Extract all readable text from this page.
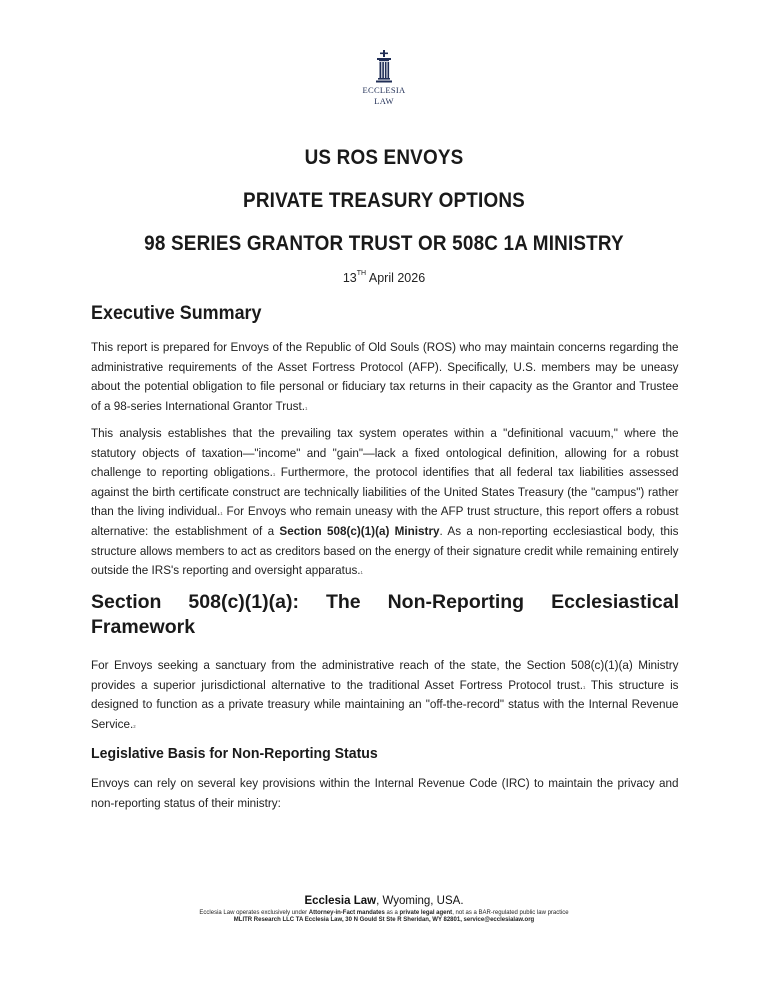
ECCLESIA
LAW
US ROS ENVOYS
PRIVATE TREASURY OPTIONS
98 SERIES GRANTOR TRUST OR 508C 1A MINISTRY
13TH April 2026
Executive Summary

This report is prepared for Envoys of the Republic of Old Souls (ROS) who may maintain concerns regarding the administrative requirements of the Asset Fortress Protocol (AFP). Specifically, U.S. members may be uneasy about the potential obligation to file personal or fiduciary tax returns in their capacity as the Grantor and Trustee of a 98-series International Grantor Trust.$^1$

This analysis establishes that the prevailing tax system operates within a "definitional vacuum," where the statutory objects of taxation—"income" and "gain"—lack a fixed ontological definition, allowing for a robust challenge to reporting obligations.$^1$ Furthermore, the protocol identifies that all federal tax liabilities assessed against the birth certificate construct are technically liabilities of the United States Treasury (the "campus") rather than the living individual.$^1$ For Envoys who remain uneasy with the AFP trust structure, this report offers a robust alternative: the establishment of a Section 508(c)(1)(a) Ministry. As a non-reporting ecclesiastical body, this structure allows members to act as creditors based on the energy of their signature credit while remaining entirely outside the IRS's reporting and oversight apparatus.$^1$

Section 508(c)(1)(a): The Non-Reporting Ecclesiastical
Framework

For Envoys seeking a sanctuary from the administrative reach of the state, the Section 508(c)(1)(a) Ministry provides a superior jurisdictional alternative to the traditional Asset Fortress Protocol trust.$^1$ This structure is designed to function as a private treasury while maintaining an "off-the-record" status with the Internal Revenue Service.$^2$

Legislative Basis for Non-Reporting Status

Envoys can rely on several key provisions within the Internal Revenue Code (IRC) to maintain the privacy and non-reporting status of their ministry:

Ecclesia Law, Wyoming, USA.
Ecclesia Law operates exclusively under Attorney-in-Fact mandates as a private legal agent, not as a BAR-regulated public law practice
MLITR Research LLC TA Ecclesia Law, 30 N Gould St Ste R Sheridan, WY 82801, service@ecclesialaw.org
